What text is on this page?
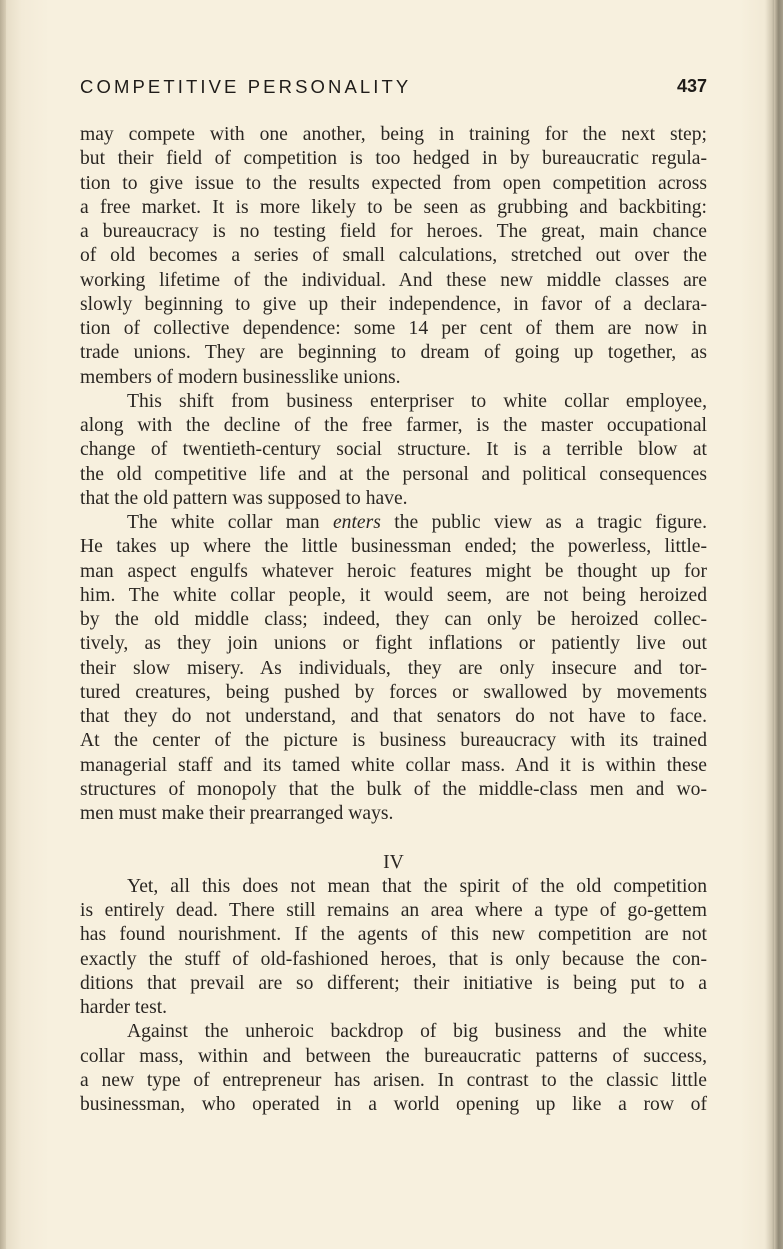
COMPETITIVE PERSONALITY	437
may compete with one another, being in training for the next step;
but their field of competition is too hedged in by bureaucratic regula-
tion to give issue to the results expected from open competition across
a free market. It is more likely to be seen as grubbing and backbiting:
a bureaucracy is no testing field for heroes. The great, main chance
of old becomes a series of small calculations, stretched out over the
working lifetime of the individual. And these new middle classes are
slowly beginning to give up their independence, in favor of a declara-
tion of collective dependence: some 14 per cent of them are now in
trade unions. They are beginning to dream of going up together, as
members of modern businesslike unions.
This shift from business enterpriser to white collar employee,
along with the decline of the free farmer, is the master occupational
change of twentieth-century social structure. It is a terrible blow at
the old competitive life and at the personal and political consequences
that the old pattern was supposed to have.
The white collar man enters the public view as a tragic figure.
He takes up where the little businessman ended; the powerless, little-
man aspect engulfs whatever heroic features might be thought up for
him. The white collar people, it would seem, are not being heroized
by the old middle class; indeed, they can only be heroized collec-
tively, as they join unions or fight inflations or patiently live out
their slow misery. As individuals, they are only insecure and tor-
tured creatures, being pushed by forces or swallowed by movements
that they do not understand, and that senators do not have to face.
At the center of the picture is business bureaucracy with its trained
managerial staff and its tamed white collar mass. And it is within these
structures of monopoly that the bulk of the middle-class men and wo-
men must make their prearranged ways.
IV
Yet, all this does not mean that the spirit of the old competition
is entirely dead. There still remains an area where a type of go-gettem
has found nourishment. If the agents of this new competition are not
exactly the stuff of old-fashioned heroes, that is only because the con-
ditions that prevail are so different; their initiative is being put to a
harder test.
Against the unheroic backdrop of big business and the white
collar mass, within and between the bureaucratic patterns of success,
a new type of entrepreneur has arisen. In contrast to the classic little
businessman, who operated in a world opening up like a row of
